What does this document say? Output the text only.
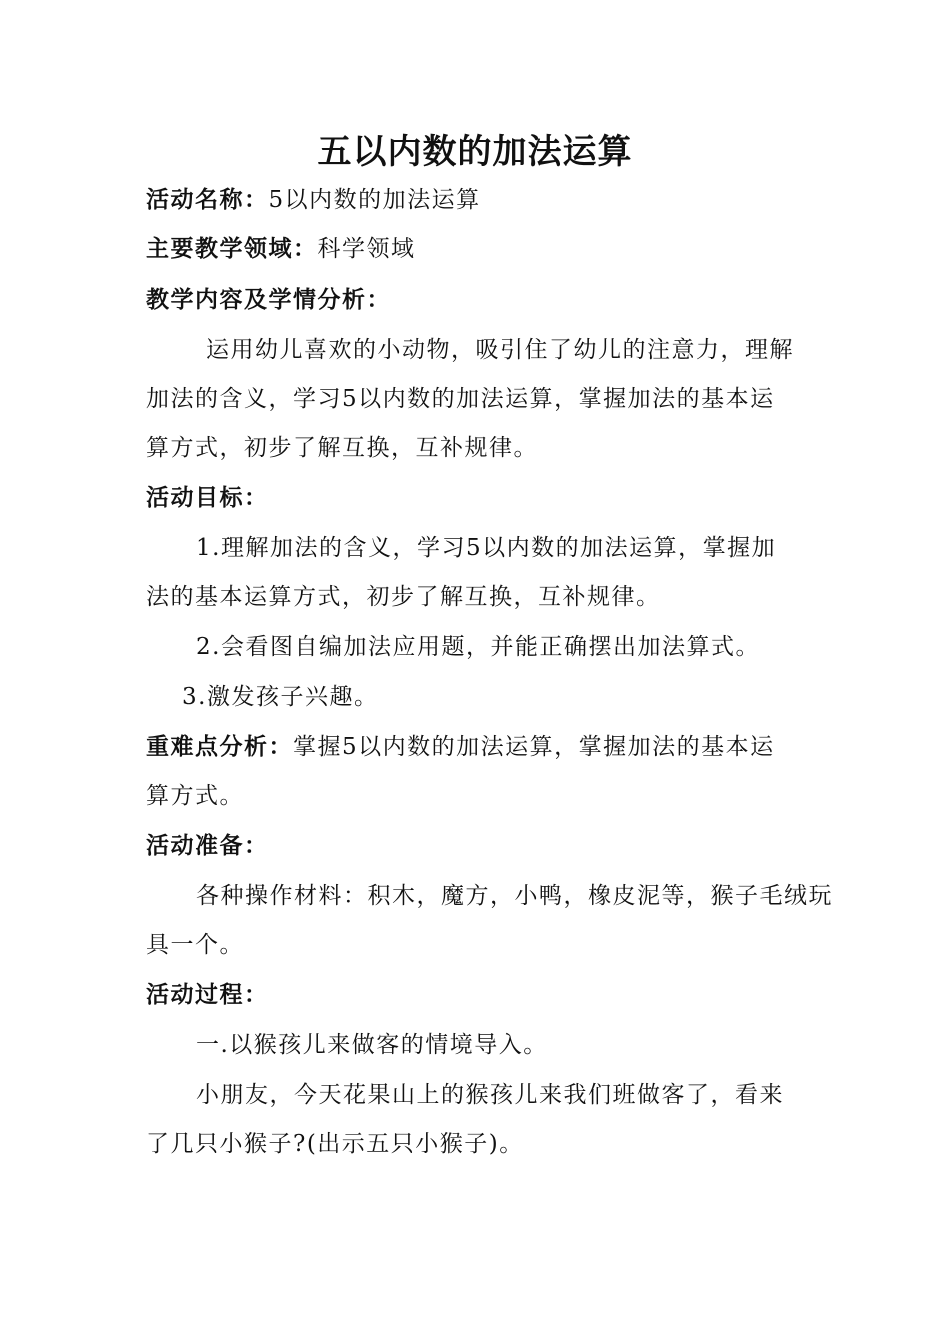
五以内数的加法运算
活动名称：5以内数的加法运算
主要教学领域：科学领域
教学内容及学情分析：
运用幼儿喜欢的小动物，吸引住了幼儿的注意力，理解
加法的含义，学习5以内数的加法运算，掌握加法的基本运
算方式，初步了解互换，互补规律。
活动目标：
1.理解加法的含义，学习5以内数的加法运算，掌握加
法的基本运算方式，初步了解互换，互补规律。
2.会看图自编加法应用题，并能正确摆出加法算式。
3.激发孩子兴趣。
重难点分析：掌握5以内数的加法运算，掌握加法的基本运
算方式。
活动准备：
各种操作材料：积木，魔方，小鸭，橡皮泥等，猴子毛绒玩
具一个。
活动过程：
一.以猴孩儿来做客的情境导入。
小朋友，今天花果山上的猴孩儿来我们班做客了，看来
了几只小猴子?(出示五只小猴子)。
